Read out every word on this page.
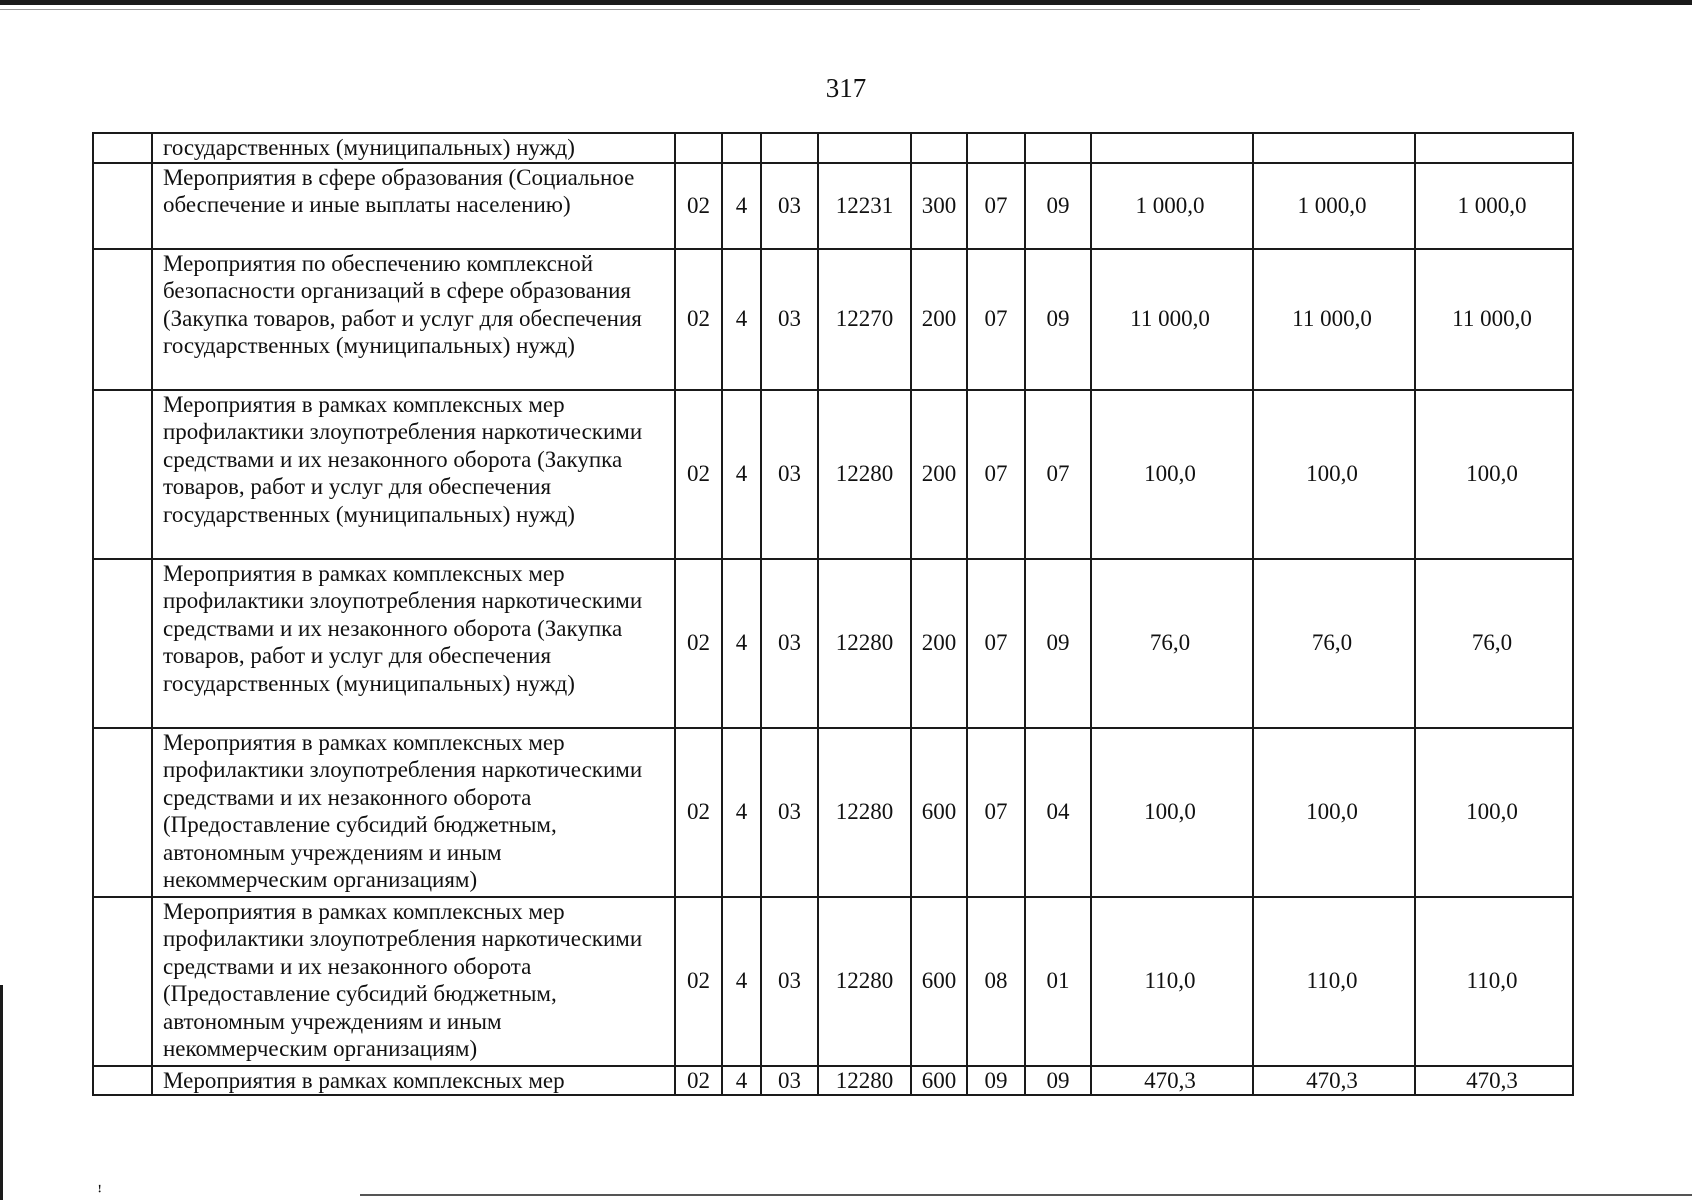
ꜝ
317
	государственных (муниципальных) нужд)										
	Мероприятия в сфере образования (Социальное обеспечение и иные выплаты населению)	02	4	03	12231	300	07	09	1 000,0	1 000,0	1 000,0
	Мероприятия по обеспечению комплексной безопасности организаций в сфере образования (Закупка товаров, работ и услуг для обеспечения государственных (муниципальных) нужд)	02	4	03	12270	200	07	09	11 000,0	11 000,0	11 000,0
	Мероприятия в рамках комплексных мер профилактики злоупотребления наркотическими средствами и их незаконного оборота (Закупка товаров, работ и услуг для обеспечения государственных (муниципальных) нужд)	02	4	03	12280	200	07	07	100,0	100,0	100,0
	Мероприятия в рамках комплексных мер профилактики злоупотребления наркотическими средствами и их незаконного оборота (Закупка товаров, работ и услуг для обеспечения государственных (муниципальных) нужд)	02	4	03	12280	200	07	09	76,0	76,0	76,0
	Мероприятия в рамках комплексных мер профилактики злоупотребления наркотическими средствами и их незаконного оборота (Предоставление субсидий бюджетным, автономным учреждениям и иным некоммерческим организациям)	02	4	03	12280	600	07	04	100,0	100,0	100,0
	Мероприятия в рамках комплексных мер профилактики злоупотребления наркотическими средствами и их незаконного оборота (Предоставление субсидий бюджетным, автономным учреждениям и иным некоммерческим организациям)	02	4	03	12280	600	08	01	110,0	110,0	110,0
	Мероприятия в рамках комплексных мер	02	4	03	12280	600	09	09	470,3	470,3	470,3
